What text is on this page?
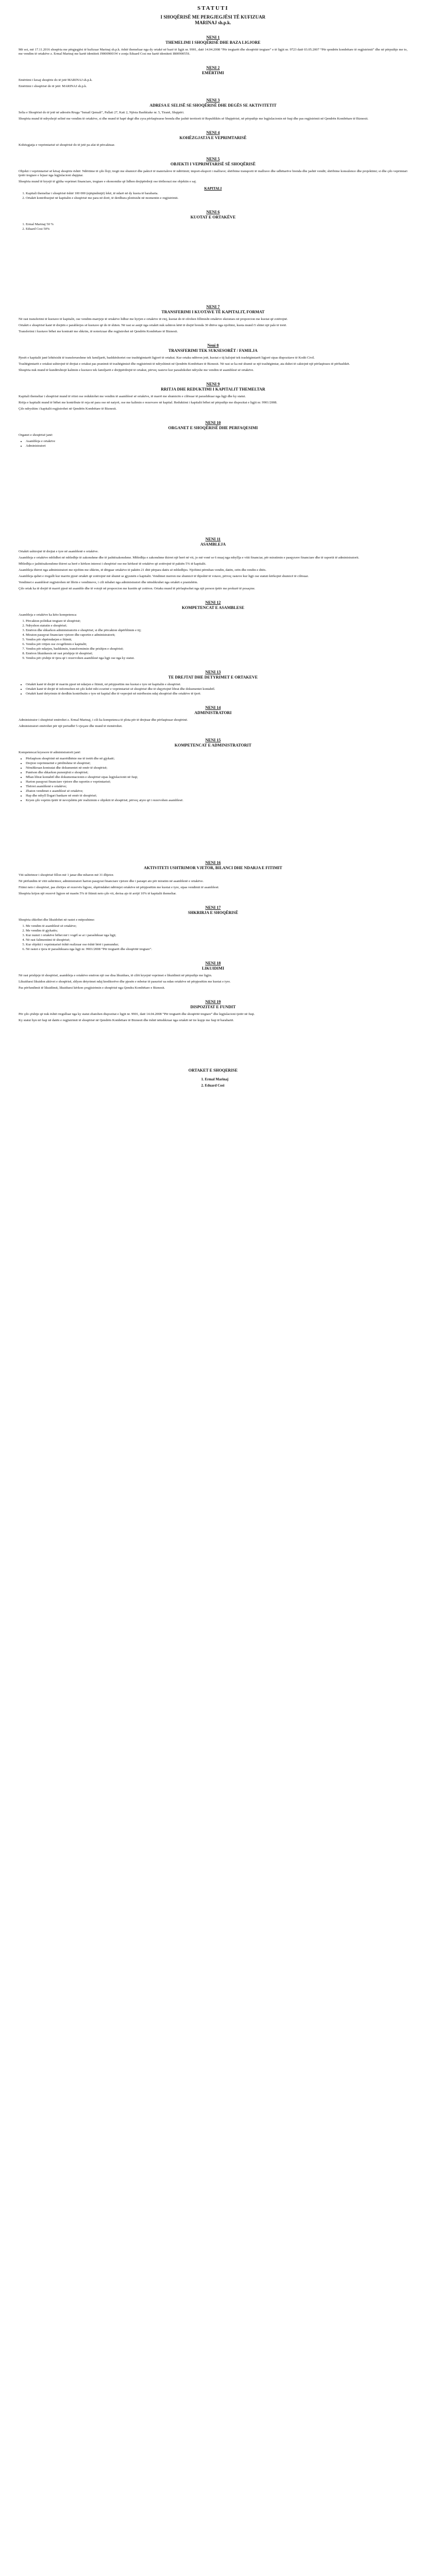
STATUTI
I SHOQËRISË ME PERGJEGJËSI TË KUFIZUAR
MARINAJ sh.p.k.
NENI 1
THEMELIMI I SHOQËRISË DHE BAZA LIGJORE

Më sot, më 17.11.2016 shoqëria me përgjegjësi të kufizuar Marinaj sh.p.k. është themeluar nga dy ortakë në bazë të ligjit nr. 9901, datë 14.04.2008 “Për tregtarët dhe shoqëritë tregtare” e të ligjit nr. 9723 datë 03.05.2007 “Për qendrën kombëtare të regjistrimit” dhe në përputhje me to, me vendim të ortakëve z. Ermal Marinaj me kartë identiteti J90009001W e zonja Eduard Cosi me kartë identiteti I80090055S.

NENI 2
EMËRTIMI

Emërtimi i kesaj shoqërie do të jetë MARINAJ sh.p.k.

Emërtimi i shoqërisë do të jetë: MARINAJ sh.p.k.

NENI 3
ADRESA E SELISË SE SHOQËRISË DHE DEGËS SE AKTIVITETIT

Selia e Shoqërisë do të jetë në adresën Rruga “Ismail Qemali”, Pallati 27, Kati 2, Njësia Bashkiake nr. 5, Tiranë, Shqipëri.

Shoqëria mund të ndryshojë selinë me vendim të ortakëve, si dhe mund të hapë degë dhe zyra përfaqësuese brenda dhe jashtë territorit të Republikës së Shqipërisë, në përputhje me legjislacionin në fuqi dhe pas regjistrimit në Qendrën Kombëtare të Biznesit.

NENI 4
KOHËZGJATJA E VEPRIMTARISË

Kohëzgjatja e veprimtarisë së shoqërisë do të jetë pa afat të përcaktuar.

NENI 5
OBJEKTI I VEPRIMTARISË SË SHOQËRISË

Objekti i veprimtarisë së kësaj shoqërie është: Ndërtime të çdo lloji; tregti me shumicë dhe pakicë të materialeve të ndërtimit; import-eksport i mallrave; shërbime transporti të mallrave dhe udhëtarëve brenda dhe jashtë vendit; shërbime konsulence dhe projektimi; si dhe çdo veprimtari tjetër tregtare e lejuar nga legjislacioni shqiptar.

Shoqëria mund të kryejë të gjitha veprimet financiare, tregtare e ekonomike që lidhen drejtpërdrejt ose tërthorazi me objektin e saj.

KAPITALI
1. Kapitali themeltar i shoqërisë është 100 000 (njëqindmijë) lekë, të ndarë në dy kuota të barabarta.
2. Ortakët kontribuojnë në kapitalin e shoqërisë me para në dorë, të derdhura plotësisht në momentin e regjistrimit.
NENI 6
KUOTAT E ORTAKËVE
1. Ermal Marinaj 50 %
2. Eduard Cosi 50%
NENI 7
TRANSFERIMI I KUOTAVE TË KAPITALIT, FORMAT

Në rast transferimi të kuotave të kapitalit, ose vendim-marrjeje të ortakëve lidhur me hyrjen e ortakëve të rinj, kuotat do të ofrohen fillimisht ortakëve ekzistues në proporcion me kuotat që zotërojnë.

Ortakët e shoqërisë kanë të drejtën e parablerjes së kuotave që do të shiten. Në rast se asnjë nga ortakët nuk ushtron këtë të drejtë brenda 30 ditëve nga njoftimi, kuota mund t'i shitet një pale të tretë.

Transferimi i kuotave bëhet me kontratë me shkrim, të noterizuar dhe regjistrohet në Qendrën Kombëtare të Biznesit.

Neni 8
TRANSFERIMI TEK SUKSESORËT / FAMILJA

Pjesët e kapitalit janë lehtësisht të transferueshme tek familjarët, bashkëshortet ose trashëgimtarët ligjorë të ortakut. Kur ortaku ndërron jetë, kuotat e tij kalojnë tek trashëgimtarët ligjorë sipas dispozitave të Kodit Civil.

Trashëgimtarët e ortakut ushtrojnë të drejtat e ortakut pas pranimit të trashëgimisë dhe regjistrimit të ndryshimit në Qendrën Kombëtare të Biznesit. Në rast se ka më shumë se një trashëgimtar, ata duhet të caktojnë një përfaqësues të përbashkët.

Shoqëria nuk mund të kundërshtojë kalimin e kuotave tek familjarët e drejtpërdrejtë të ortakut, përveç rasteve kur parashikohet ndryshe me vendim të asamblesë së ortakëve.

NENI 9
RRITJA DHE REDUKTIMI I KAPITALIT THEMELTAR

Kapitali themeltar i shoqërisë mund të rritet ose reduktohet me vendim të asamblesë së ortakëve, të marrë me shumicën e cilësuar të parashikuar nga ligji dhe ky statut.

Rritja e kapitalit mund të bëhet me kontribute të reja në para ose në natyrë, ose me kalimin e rezervave në kapital. Reduktimi i kapitalit bëhet në përputhje me dispozitat e ligjit nr. 9901/2008.

Çdo ndryshim i kapitalit regjistrohet në Qendrën Kombëtare të Biznesit.

NENI 10
ORGANET E SHOQËRISË DHE PERFAQESIMI

Organet e shoqërisë janë:

• Asambleja e ortakëve
• Administratori
NENI 11
ASAMBLEJA

Ortakët ushtrojnë të drejtat e tyre në asamblenë e ortakëve.

Asambleja e ortakëve mblidhet në mbledhje të zakonshme dhe të jashtëzakonshme. Mbledhja e zakonshme thirret një herë në vit, jo më vonë se 6 muaj nga mbyllja e vitit financiar, për miratimin e pasqyrave financiare dhe të raportit të administratorit.

Mbledhja e jashtëzakonshme thirret sa herë e kërkon interesi i shoqërisë ose me kërkesë të ortakëve që zotërojnë të paktën 5% të kapitalit.

Asambleja thirret nga administratori me njoftim me shkrim, të dërguar ortakëve të paktën 21 ditë përpara datës së mbledhjes. Njoftimi përmban vendin, datën, orën dhe rendin e ditës.

Asambleja quhet e rregullt kur marrin pjesë ortakët që zotërojnë më shumë se gjysmën e kapitalit. Vendimet merren me shumicë të thjeshtë të votave, përveç rasteve kur ligji ose statuti kërkojnë shumicë të cilësuar.

Vendimet e asamblesë regjistrohen në librin e vendimeve, i cili mbahet nga administratori dhe nënshkruhet nga ortakët e pranishëm.

Çdo ortak ka të drejtë të marrë pjesë në asamble dhe të votojë në proporcion me kuotën që zotëron. Ortaku mund të përfaqësohet nga një person tjetër me prokurë të posaçme.

NENI 12
KOMPETENCAT E ASAMBLESE

Asambleja e ortakëve ka këto kompetenca:

1. Përcakton politikat tregtare të shoqërisë;
2. Ndryshon statutin e shoqërisë;
3. Emëron dhe shkarkon administratorin e shoqërisë, si dhe përcakton shpërblimin e tij;
4. Miraton pasqyrat financiare vjetore dhe raportin e administratorit;
5. Vendos për shpërndarjen e fitimit;
6. Vendos për rritjen ose zvogëlimin e kapitalit;
7. Vendos për ndarjen, bashkimin, transformimin dhe prishjen e shoqërisë;
8. Emëron likuiduesin në rast prishjeje të shoqërisë;
9. Vendos për çështje të tjera që i rezervohen asamblesë nga ligji ose nga ky statut.
NENI 13
TE DREJTAT DHE DETYRIMET E ORTAKEVE
• Ortakët kanë të drejtë të marrin pjesë në ndarjen e fitimit, në përpjesëtim me kuotat e tyre në kapitalin e shoqërisë.
• Ortakët kanë të drejtë të informohen në çdo kohë mbi ecurinë e veprimtarisë së shoqërisë dhe të shqyrtojnë librat dhe dokumentet kontabël.
• Ortakët kanë detyrimin të derdhin kontributin e tyre në kapital dhe të veprojnë në mirëbesim ndaj shoqërisë dhe ortakëve të tjerë.
NENI 14
ADMINISTRATORI

Administrator i shoqërisë emërohet z. Ermal Marinaj, i cili ka kompetenca të plota për të drejtuar dhe përfaqësuar shoqërinë.

Administratori emërohet për një periudhë 5-vjeçare dhe mund të riemërohet.

NENI 15
KOMPETENCAT E ADMINISTRATORIT

Kompetencat kryesore të administratorit janë:

• Përfaqëson shoqërinë në marrëdhënie me të tretët dhe në gjykatë;
• Drejton veprimtarinë e përditshme të shoqërisë;
• Nënshkruan kontratat dhe dokumentet në emër të shoqërisë;
• Punëson dhe shkarkon punonjësit e shoqërisë;
• Mban librat kontabël dhe dokumentacionin e shoqërisë sipas legjislacionit në fuqi;
• Harton pasqyrat financiare vjetore dhe raportin e veprimtarisë;
• Thërret asamblenë e ortakëve;
• Zbaton vendimet e asamblesë së ortakëve;
• Hap dhe mbyll llogari bankare në emër të shoqërisë;
• Kryen çdo veprim tjetër të nevojshëm për realizimin e objektit të shoqërisë, përveç atyre që i rezervohen asamblesë.
NENI 16
AKTIVITETI USHTRIMOR VJETOR, BILANCI DHE NDARJA E FITIMIT

Viti ushtrimor i shoqërisë fillon më 1 janar dhe mbaron më 31 dhjetor.

Në përfundim të vitit ushtrimor, administratori harton pasqyrat financiare vjetore dhe i paraqet ato për miratim në asamblenë e ortakëve.

Fitimi neto i shoqërisë, pas zbritjes së rezervës ligjore, shpërndahet ndërmjet ortakëve në përpjesëtim me kuotat e tyre, sipas vendimit të asamblesë.

Shoqëria krijon një rezervë ligjore në masën 5% të fitimit neto çdo vit, derisa ajo të arrijë 10% të kapitalit themeltar.

NENI 17
SHKRIRJA E SHOQËRISË

Shoqëria shkrihet dhe likuidohet në rastet e mëposhtme:

1. Me vendim të asamblesë së ortakëve;
2. Me vendim të gjykatës;
3. Kur numri i ortakëve bëhet më i vogël se ai i parashikuar nga ligji;
4. Në rast falimentimi të shoqërisë;
5. Kur objekti i veprimtarisë është realizuar ose është bërë i pamundur;
6. Në rastet e tjera të parashikuara nga ligji nr. 9901/2008 “Për tregtarët dhe shoqëritë tregtare”.
NENI 18
LIKUIDIMI

Në rast prishjeje të shoqërisë, asambleja e ortakëve emëron një ose disa likuidues, të cilët kryejnë veprimet e likuidimit në përputhje me ligjin.

Likuiduesi likuidon aktivet e shoqërisë, shlyen detyrimet ndaj kreditorëve dhe pjesën e mbetur të pasurisë ua ndan ortakëve në përpjesëtim me kuotat e tyre.

Pas përfundimit të likuidimit, likuiduesi kërkon çregjistrimin e shoqërisë nga Qendra Kombëtare e Biznesit.

NENI 19
DISPOZITAT E FUNDIT

Për çdo çështje që nuk është rregulluar nga ky statut zbatohen dispozitat e ligjit nr. 9901, datë 14.04.2008 “Për tregtarët dhe shoqëritë tregtare” dhe legjislacioni tjetër në fuqi.

Ky statut hyn në fuqi në datën e regjistrimit të shoqërisë në Qendrën Kombëtare të Biznesit dhe është nënshkruar nga ortakët në tre kopje me fuqi të barabartë.

ORTAKET E SHOQERISE
1. Ermal Marinaj
2. Eduard Cosi
